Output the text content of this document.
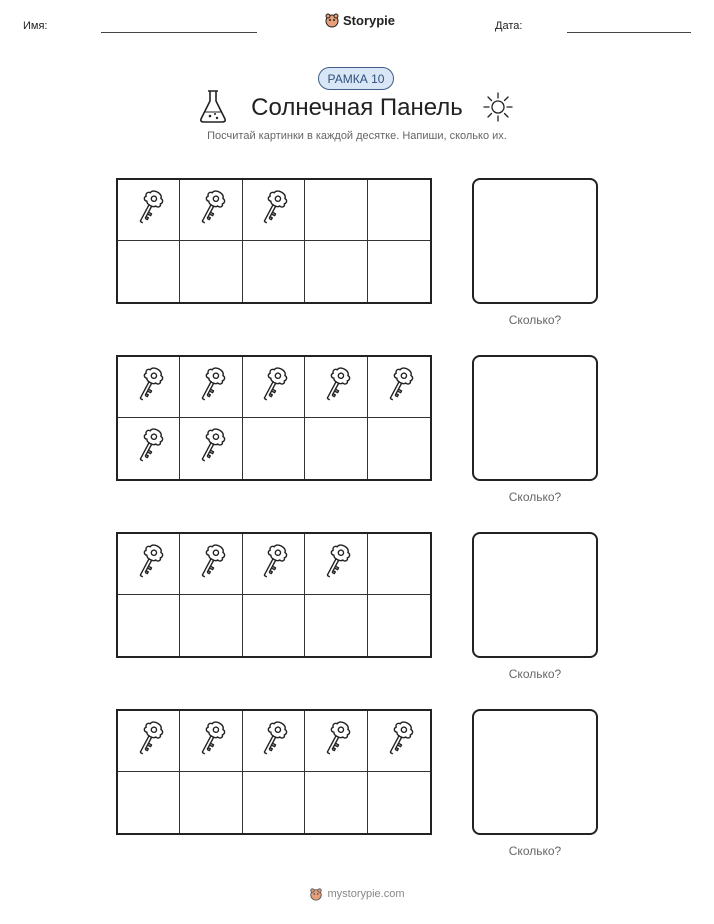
Имя:	Storypie	Дата:
РАМКА 10
Солнечная Панель
Посчитай картинки в каждой десятке. Напиши, сколько их.
Сколько?
Сколько?
Сколько?
Сколько?
mystorypie.com
